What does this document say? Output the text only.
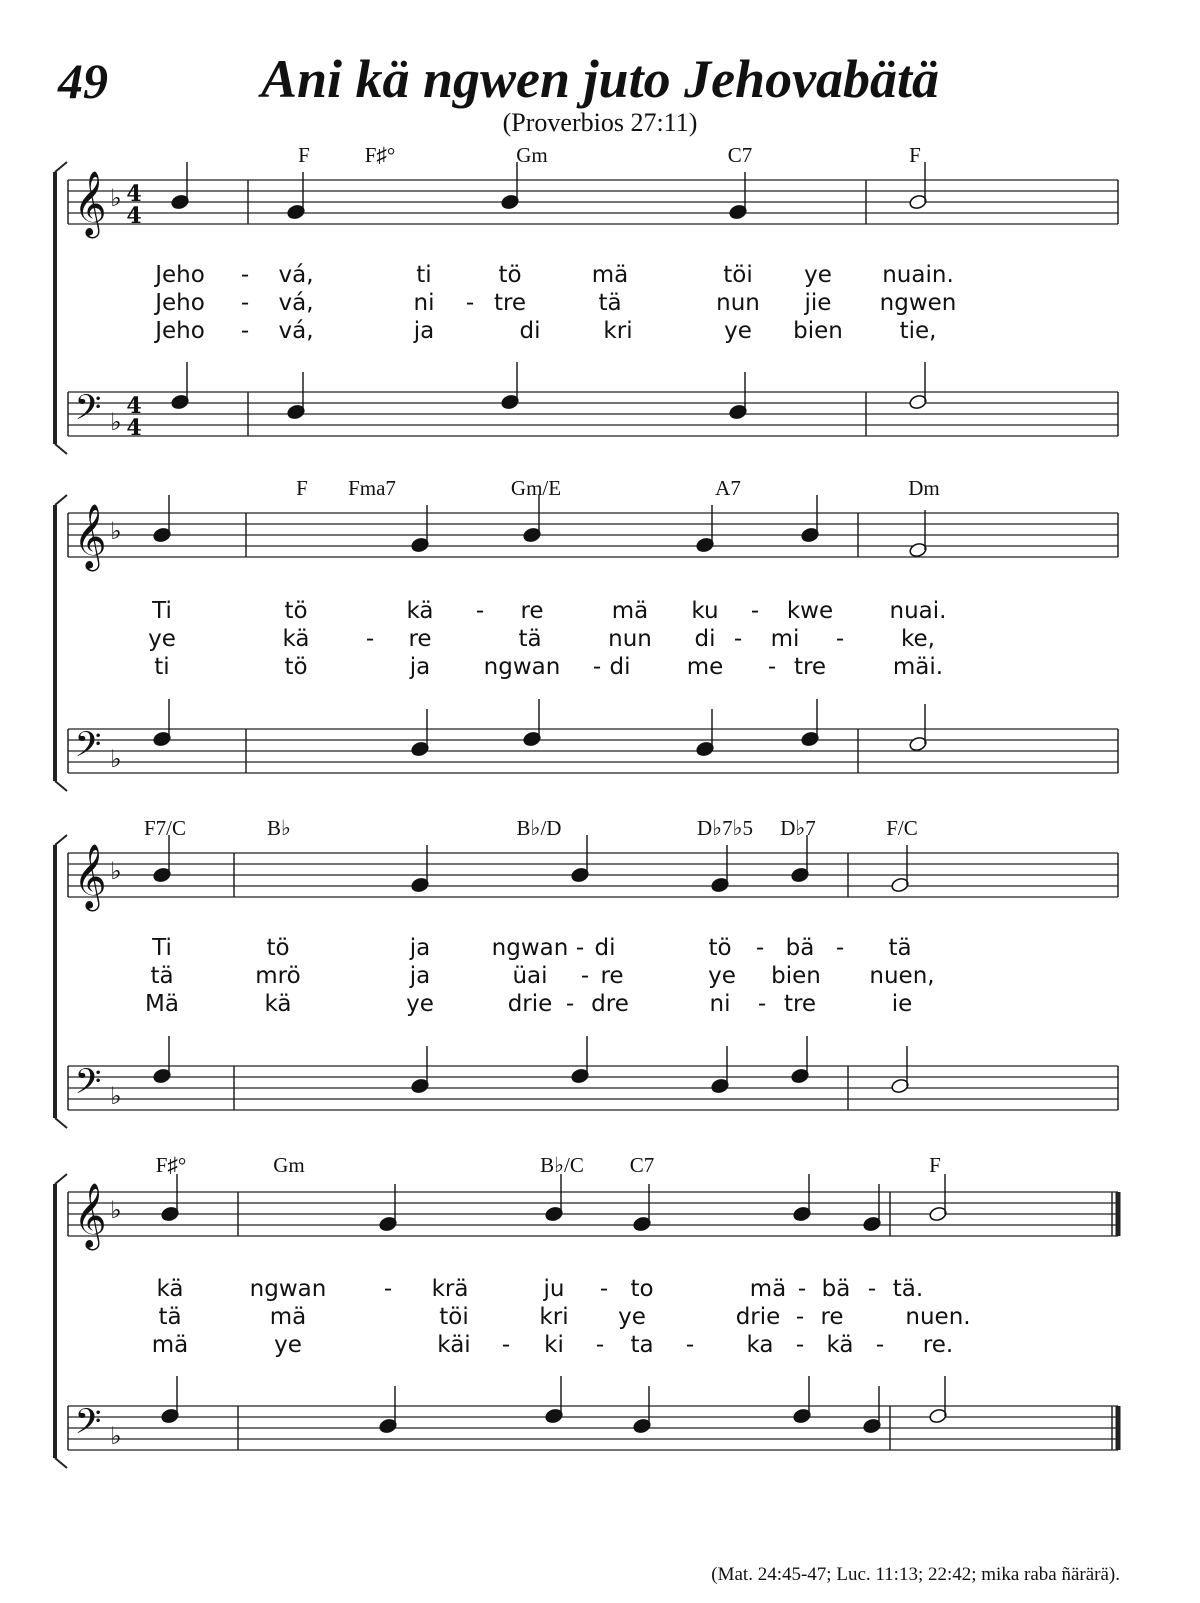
49	Ani kä ngwen juto Jehovabätä
(Proverbios 27:11)
𝄞 ♭ 4
4
𝄢 ♭
4
4
𝄞 ♭
𝄢 ♭
𝄞 ♭
𝄢 ♭
𝄞 ♭
𝄢 ♭
F	F♯°	Gm	C7	F
Jeho - vá,	ti	tö	mä	töi ye nuain.
Jeho - vá,	ni - tre	tä	nun jie ngwen
Jeho - vá,	ja	di	kri	ye bien tie,
F Fma7	Gm/E	A7	Dm
Ti	tö	kä - re	mä ku - kwe nuai.
ye	kä - re	tä	nun di - mi - ke,
ti	tö	ja ngwan - di me - tre	mäi.
F7/C	B♭	B♭/D	D♭7♭5 D♭7	F/C
Ti	tö	ja	ngwan - di	tö - bä - tä
tä	mrö	ja	üai - re	ye bien nuen,
Mä	kä	ye	drie - dre	ni - tre	ie
F♯°	Gm	B♭/C C7	F
kä	ngwan	- krä	ju - to	mä - bä - tä.
tä	mä	töi	kri ye	drie - re	nuen.
mä	ye	käi - ki - ta - ka - kä - re.
(Mat. 24:45-47; Luc. 11:13; 22:42; mika raba ñärärä).
